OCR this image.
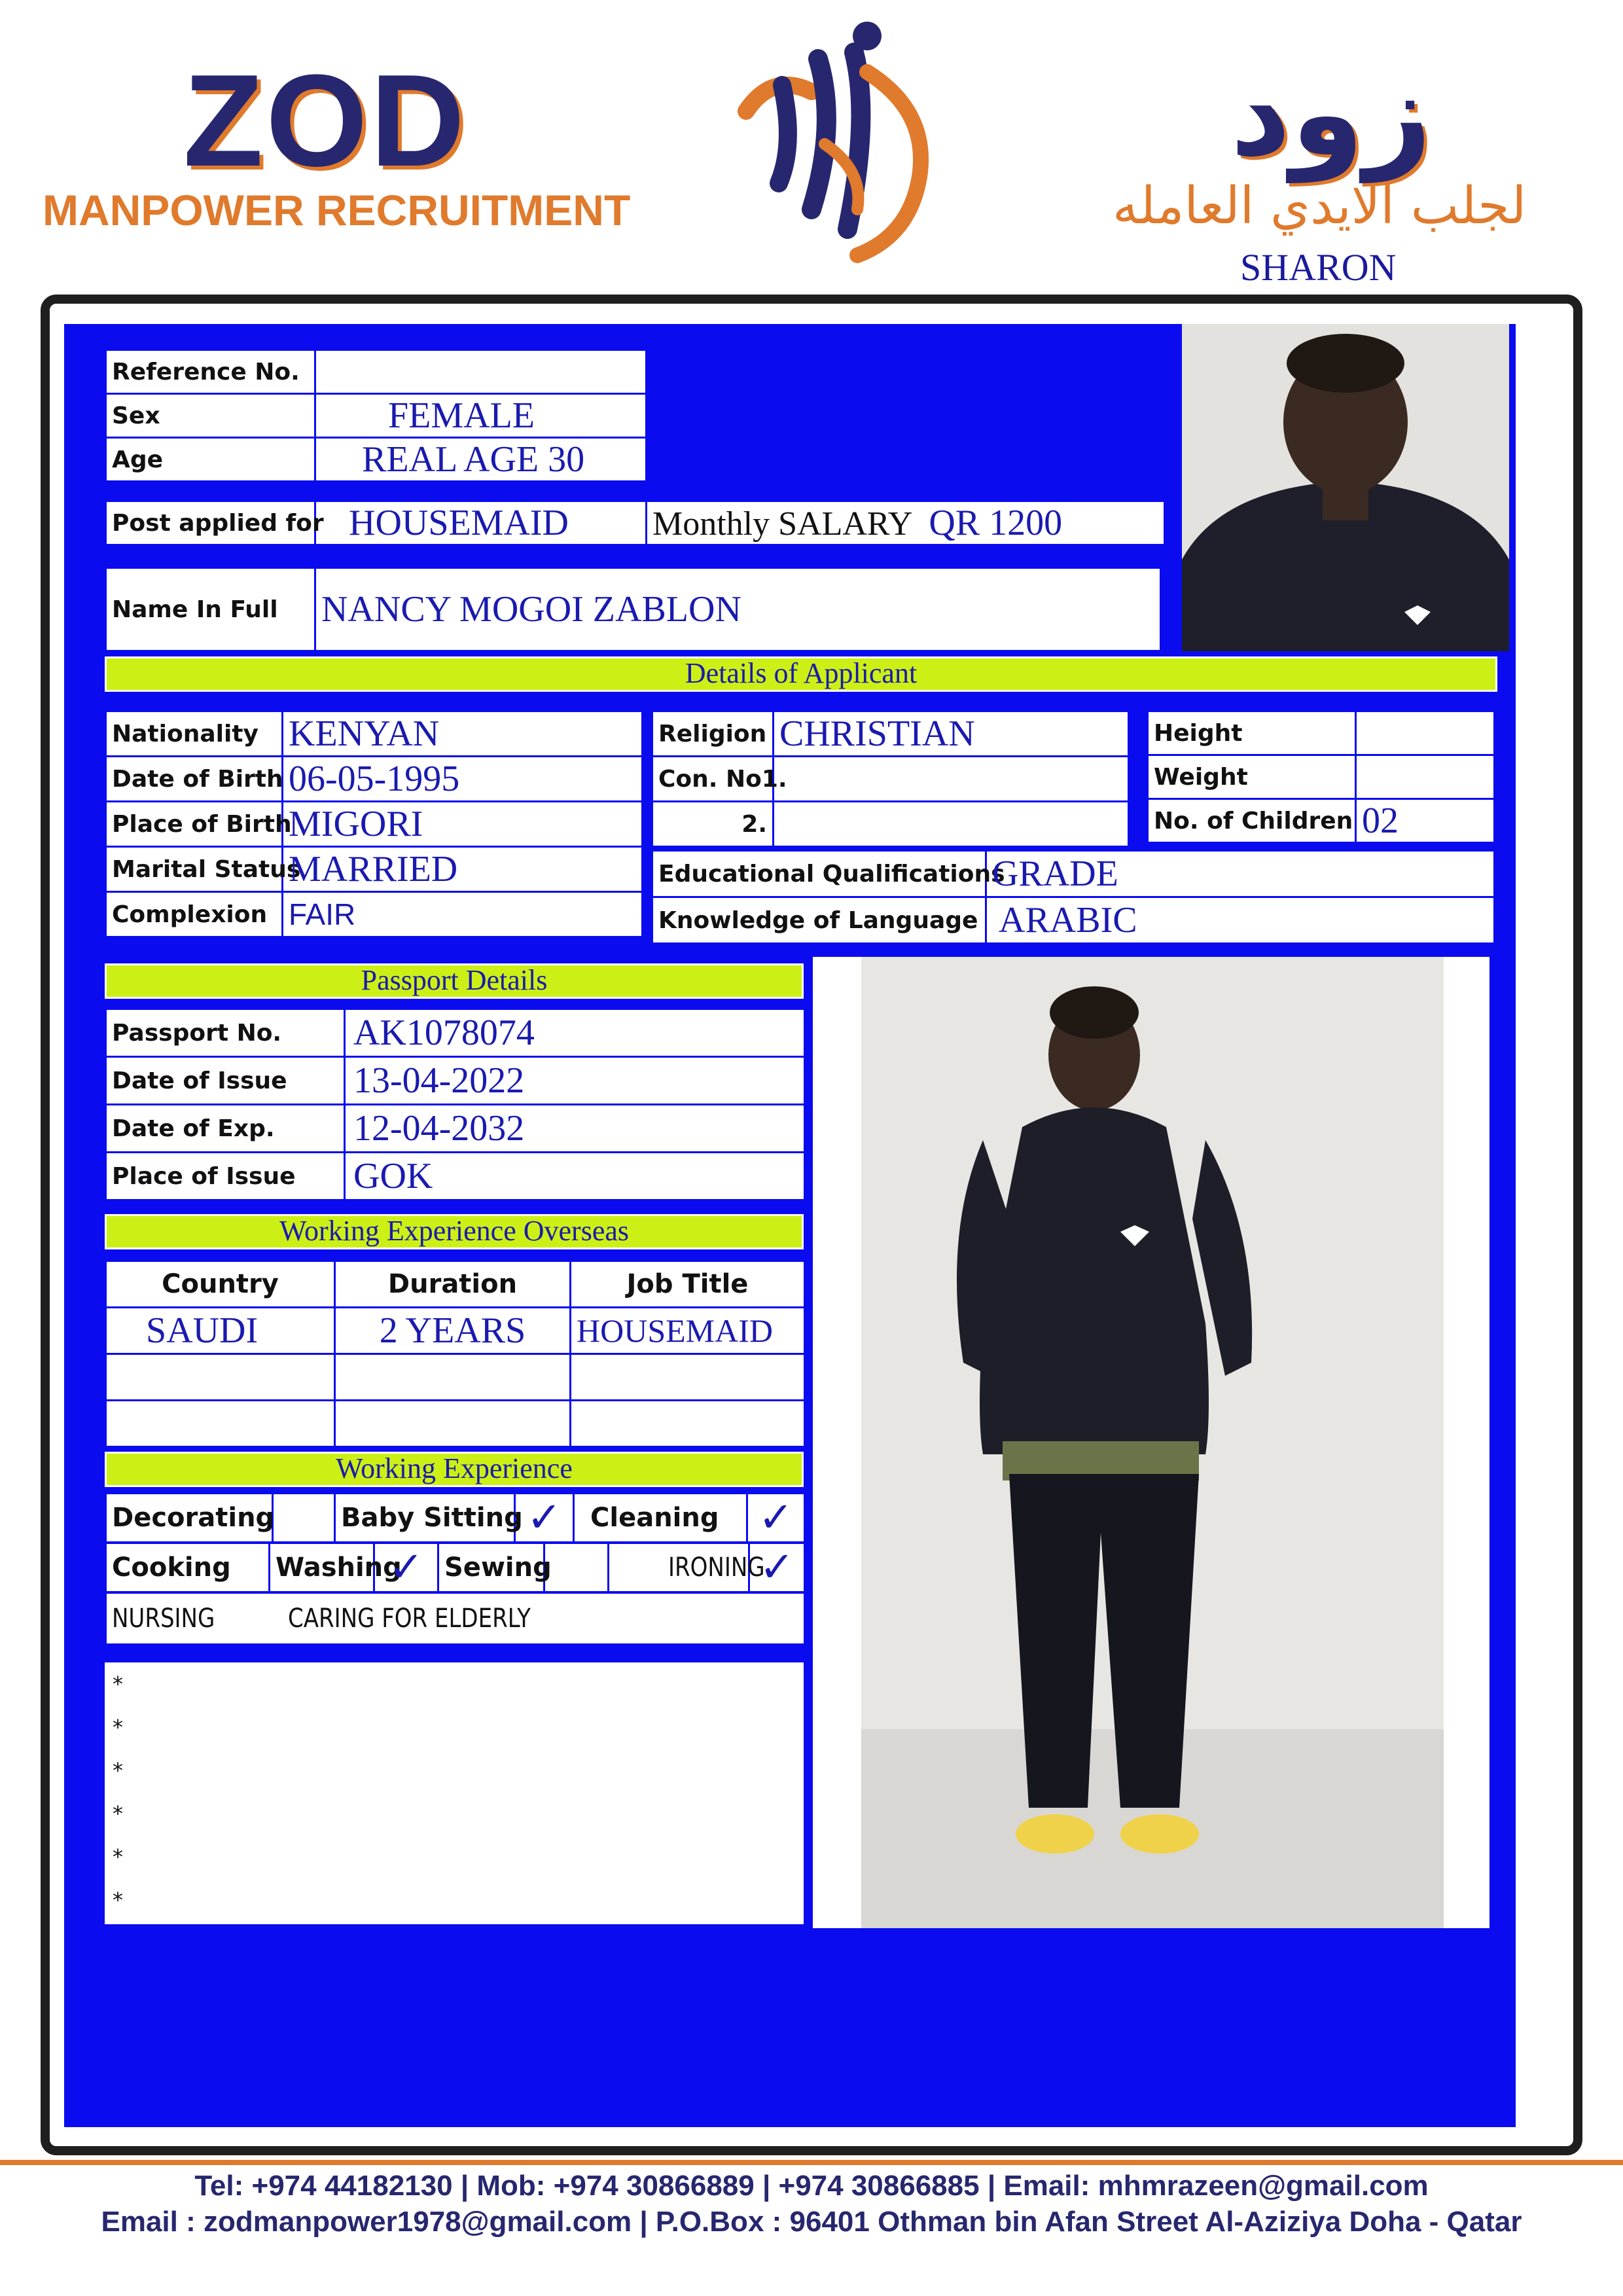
ZOD
MANPOWER RECRUITMENT
زود
لجلب الايدي العامله
SHARON
Reference No.	
Sex	FEMALE
Age	REAL AGE 30
Post applied for	HOUSEMAID	Monthly SALARY QR 1200
Name In Full	NANCY MOGOI ZABLON
Details of Applicant
Nationality	KENYAN
Date of Birth	06-05-1995
Place of Birth	MIGORI
Marital Status	MARRIED
Complexion	FAIR
Religion	CHRISTIAN
Con. No1.	
2.	
Height	
Weight	
No. of Children	02
Educational Qualifications	GRADE
Knowledge of Language	ARABIC
Passport Details
Passport No.	AK1078074
Date of Issue	13-04-2022
Date of Exp.	12-04-2032
Place of Issue	GOK
Working Experience Overseas
Country	Duration	Job Title
SAUDI	2 YEARS	HOUSEMAID

Working Experience
Decorating		Baby Sitting	✓	Cleaning	✓
Cooking	Washing	✓	Sewing		IRONING	✓
NURSING	CARING FOR ELDERLY
*
*
*
*
*
*
Tel: +974 44182130 | Mob: +974 30866889 | +974 30866885 | Email: mhmrazeen@gmail.com
Email : zodmanpower1978@gmail.com | P.O.Box : 96401 Othman bin Afan Street Al-Aziziya Doha - Qatar
